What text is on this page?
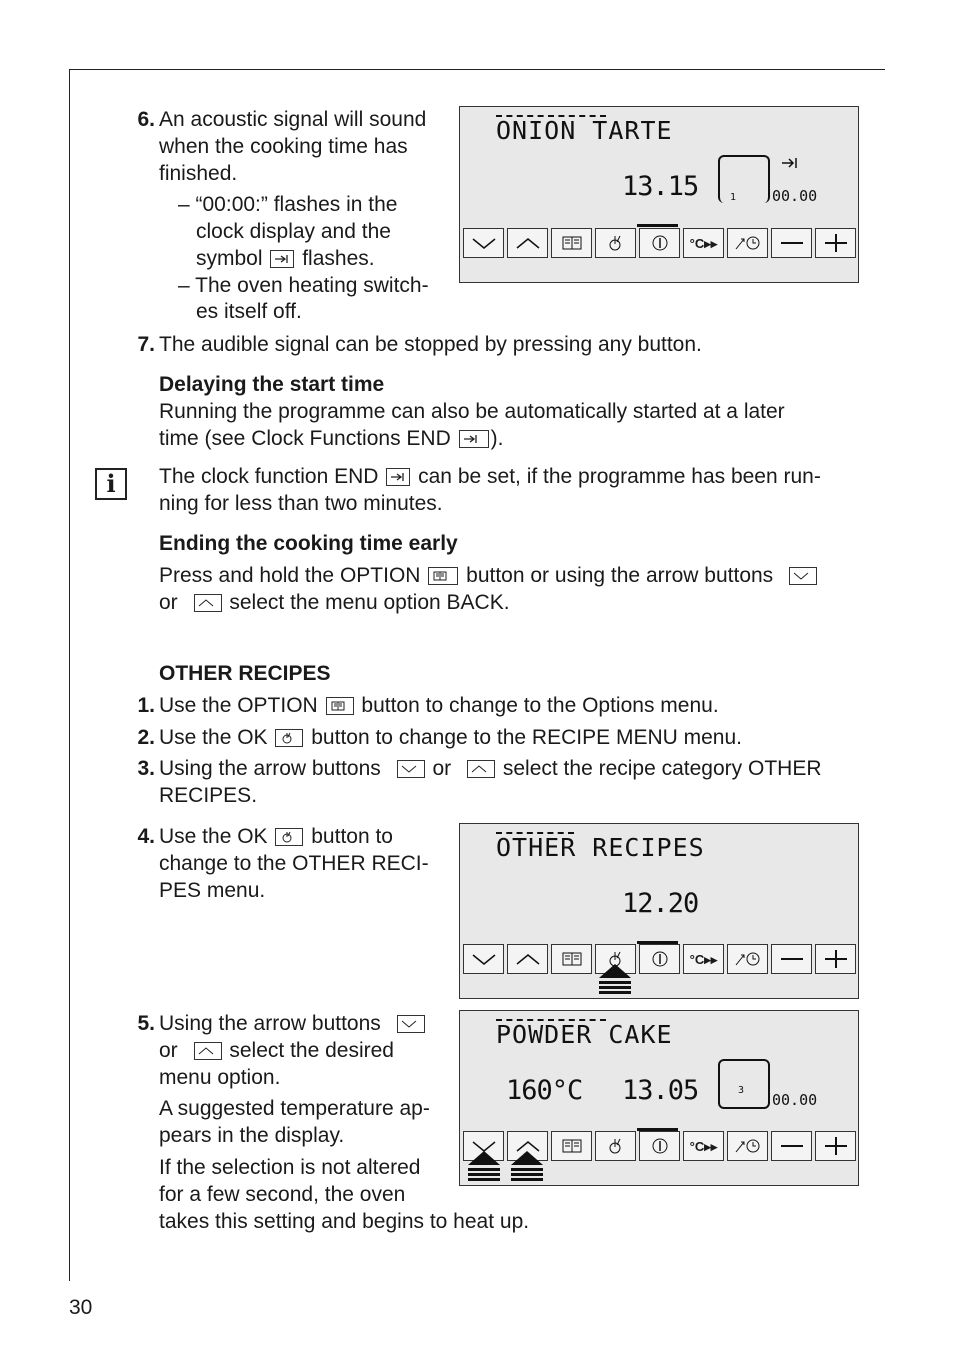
6. An acoustic signal will sound
when the cooking time has
finished.
– “00:00:” flashes in the
clock display and the
symbol flashes.
– The oven heating switch-
es itself off.
7. The audible signal can be stopped by pressing any button.
Delaying the start time
Running the programme can also be automatically started at a later
time (see Clock Functions END ).
i	The clock function END can be set, if the programme has been run-
ning for less than two minutes.
Ending the cooking time early
Press and hold the OPTION button or using the arrow buttons
or select the menu option BACK.
OTHER RECIPES
1. Use the OPTION button to change to the Options menu.
2. Use the OK button to change to the RECIPE MENU menu.
3. Using the arrow buttons or select the recipe category OTHER
RECIPES.
4. Use the OK button to
change to the OTHER RECI-
PES menu.
5. Using the arrow buttons
or select the desired
menu option.
A suggested temperature ap-
pears in the display.
If the selection is not altered
for a few second, the oven
takes this setting and begins to heat up.
30
ONION TARTE
13.15	1 00.00
°C ▸▸
OTHER RECIPES
12.20
°C ▸▸
POWDER CAKE
160°C 13.05	3
00.00
°C ▸▸
